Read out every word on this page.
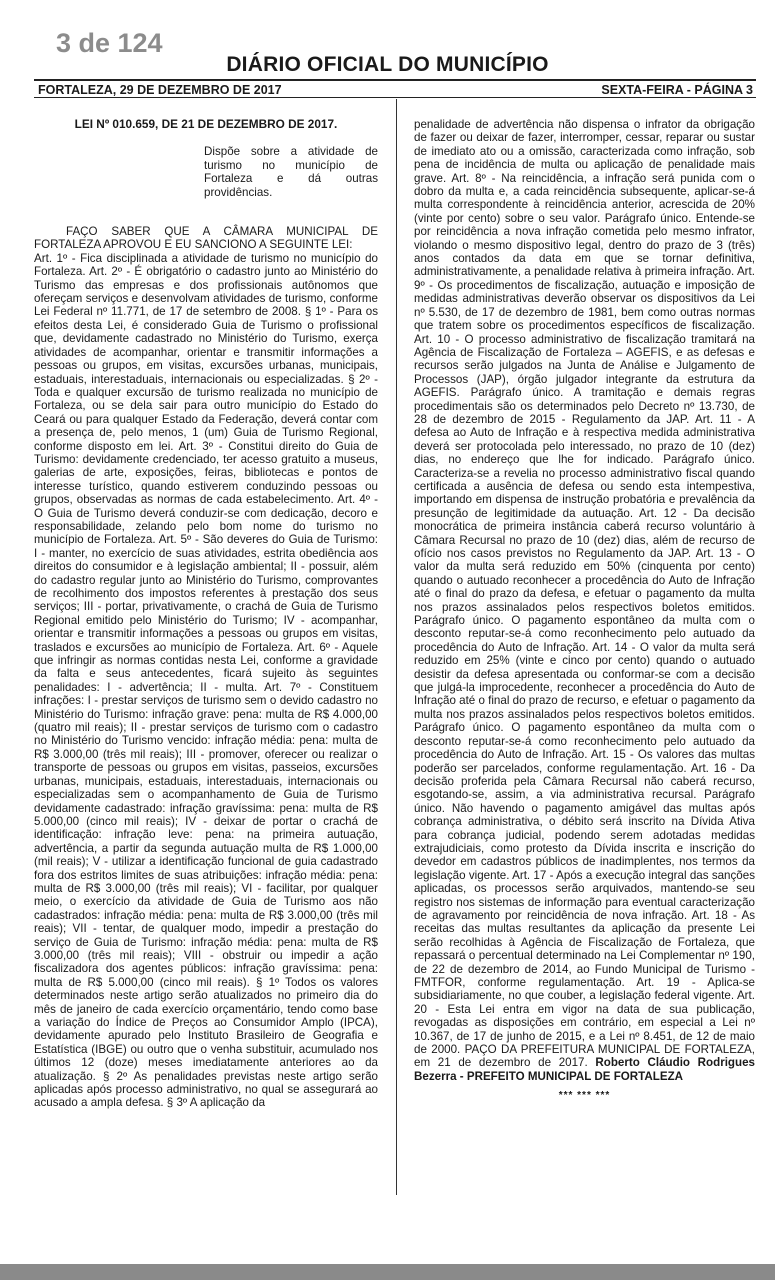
3 de 124
DIÁRIO OFICIAL DO MUNICÍPIO
FORTALEZA, 29 DE DEZEMBRO DE 2017	SEXTA-FEIRA - PÁGINA 3

LEI Nº 010.659, DE 21 DE DEZEMBRO DE 2017.

Dispõe sobre a atividade de turismo no município de Fortaleza e dá outras providências.

FAÇO SABER QUE A CÂMARA MUNICIPAL DE FORTALEZA APROVOU E EU SANCIONO A SEGUINTE LEI:

Art. 1º - Fica disciplinada a atividade de turismo no município do Fortaleza. Art. 2º - É obrigatório o cadastro junto ao Ministério do Turismo das empresas e dos profissionais autônomos que ofereçam serviços e desenvolvam atividades de turismo, conforme Lei Federal nº 11.771, de 17 de setembro de 2008. § 1º - Para os efeitos desta Lei, é considerado Guia de Turismo o profissional que, devidamente cadastrado no Ministério do Turismo, exerça atividades de acompanhar, orientar e transmitir informações a pessoas ou grupos, em visitas, excursões urbanas, municipais, estaduais, interestaduais, internacionais ou especializadas. § 2º - Toda e qualquer excursão de turismo realizada no município de Fortaleza, ou se dela sair para outro município do Estado do Ceará ou para qualquer Estado da Federação, deverá contar com a presença de, pelo menos, 1 (um) Guia de Turismo Regional, conforme disposto em lei. Art. 3º - Constitui direito do Guia de Turismo: devidamente credenciado, ter acesso gratuito a museus, galerias de arte, exposições, feiras, bibliotecas e pontos de interesse turístico, quando estiverem conduzindo pessoas ou grupos, observadas as normas de cada estabelecimento. Art. 4º - O Guia de Turismo deverá conduzir-se com dedicação, decoro e responsabilidade, zelando pelo bom nome do turismo no município de Fortaleza. Art. 5º - São deveres do Guia de Turismo: I - manter, no exercício de suas atividades, estrita obediência aos direitos do consumidor e à legislação ambiental; II - possuir, além do cadastro regular junto ao Ministério do Turismo, comprovantes de recolhimento dos impostos referentes à prestação dos seus serviços; III - portar, privativamente, o crachá de Guia de Turismo Regional emitido pelo Ministério do Turismo; IV - acompanhar, orientar e transmitir informações a pessoas ou grupos em visitas, traslados e excursões ao município de Fortaleza. Art. 6º - Aquele que infringir as normas contidas nesta Lei, conforme a gravidade da falta e seus antecedentes, ficará sujeito às seguintes penalidades: I - advertência; II - multa. Art. 7º - Constituem infrações: I - prestar serviços de turismo sem o devido cadastro no Ministério do Turismo: infração grave: pena: multa de R$ 4.000,00 (quatro mil reais); II - prestar serviços de turismo com o cadastro no Ministério do Turismo vencido: infração média: pena: multa de R$ 3.000,00 (três mil reais); III - promover, oferecer ou realizar o transporte de pessoas ou grupos em visitas, passeios, excursões urbanas, municipais, estaduais, interestaduais, internacionais ou especializadas sem o acompanhamento de Guia de Turismo devidamente cadastrado: infração gravíssima: pena: multa de R$ 5.000,00 (cinco mil reais); IV - deixar de portar o crachá de identificação: infração leve: pena: na primeira autuação, advertência, a partir da segunda autuação multa de R$ 1.000,00 (mil reais); V - utilizar a identificação funcional de guia cadastrado fora dos estritos limites de suas atribuições: infração média: pena: multa de R$ 3.000,00 (três mil reais); VI - facilitar, por qualquer meio, o exercício da atividade de Guia de Turismo aos não cadastrados: infração média: pena: multa de R$ 3.000,00 (três mil reais); VII - tentar, de qualquer modo, impedir a prestação do serviço de Guia de Turismo: infração média: pena: multa de R$ 3.000,00 (três mil reais); VIII - obstruir ou impedir a ação fiscalizadora dos agentes públicos: infração gravíssima: pena: multa de R$ 5.000,00 (cinco mil reais). § 1º Todos os valores determinados neste artigo serão atualizados no primeiro dia do mês de janeiro de cada exercício orçamentário, tendo como base a variação do Índice de Preços ao Consumidor Amplo (IPCA), devidamente apurado pelo Instituto Brasileiro de Geografia e Estatística (IBGE) ou outro que o venha substituir, acumulado nos últimos 12 (doze) meses imediatamente anteriores ao da atualização. § 2º As penalidades previstas neste artigo serão aplicadas após processo administrativo, no qual se assegurará ao acusado a ampla defesa. § 3º A aplicação da

penalidade de advertência não dispensa o infrator da obrigação de fazer ou deixar de fazer, interromper, cessar, reparar ou sustar de imediato ato ou a omissão, caracterizada como infração, sob pena de incidência de multa ou aplicação de penalidade mais grave. Art. 8º - Na reincidência, a infração será punida com o dobro da multa e, a cada reincidência subsequente, aplicar-se-á multa correspondente à reincidência anterior, acrescida de 20% (vinte por cento) sobre o seu valor. Parágrafo único. Entende-se por reincidência a nova infração cometida pelo mesmo infrator, violando o mesmo dispositivo legal, dentro do prazo de 3 (três) anos contados da data em que se tornar definitiva, administrativamente, a penalidade relativa à primeira infração. Art. 9º - Os procedimentos de fiscalização, autuação e imposição de medidas administrativas deverão observar os dispositivos da Lei nº 5.530, de 17 de dezembro de 1981, bem como outras normas que tratem sobre os procedimentos específicos de fiscalização. Art. 10 - O processo administrativo de fiscalização tramitará na Agência de Fiscalização de Fortaleza – AGEFIS, e as defesas e recursos serão julgados na Junta de Análise e Julgamento de Processos (JAP), órgão julgador integrante da estrutura da AGEFIS. Parágrafo único. A tramitação e demais regras procedimentais são os determinados pelo Decreto nº 13.730, de 28 de dezembro de 2015 - Regulamento da JAP. Art. 11 - A defesa ao Auto de Infração e à respectiva medida administrativa deverá ser protocolada pelo interessado, no prazo de 10 (dez) dias, no endereço que lhe for indicado. Parágrafo único. Caracteriza-se a revelia no processo administrativo fiscal quando certificada a ausência de defesa ou sendo esta intempestiva, importando em dispensa de instrução probatória e prevalência da presunção de legitimidade da autuação. Art. 12 - Da decisão monocrática de primeira instância caberá recurso voluntário à Câmara Recursal no prazo de 10 (dez) dias, além de recurso de ofício nos casos previstos no Regulamento da JAP. Art. 13 - O valor da multa será reduzido em 50% (cinquenta por cento) quando o autuado reconhecer a procedência do Auto de Infração até o final do prazo da defesa, e efetuar o pagamento da multa nos prazos assinalados pelos respectivos boletos emitidos. Parágrafo único. O pagamento espontâneo da multa com o desconto reputar-se-á como reconhecimento pelo autuado da procedência do Auto de Infração. Art. 14 - O valor da multa será reduzido em 25% (vinte e cinco por cento) quando o autuado desistir da defesa apresentada ou conformar-se com a decisão que julgá-la improcedente, reconhecer a procedência do Auto de Infração até o final do prazo de recurso, e efetuar o pagamento da multa nos prazos assinalados pelos respectivos boletos emitidos. Parágrafo único. O pagamento espontâneo da multa com o desconto reputar-se-á como reconhecimento pelo autuado da procedência do Auto de Infração. Art. 15 - Os valores das multas poderão ser parcelados, conforme regulamentação. Art. 16 - Da decisão proferida pela Câmara Recursal não caberá recurso, esgotando-se, assim, a via administrativa recursal. Parágrafo único. Não havendo o pagamento amigável das multas após cobrança administrativa, o débito será inscrito na Dívida Ativa para cobrança judicial, podendo serem adotadas medidas extrajudiciais, como protesto da Dívida inscrita e inscrição do devedor em cadastros públicos de inadimplentes, nos termos da legislação vigente. Art. 17 - Após a execução integral das sanções aplicadas, os processos serão arquivados, mantendo-se seu registro nos sistemas de informação para eventual caracterização de agravamento por reincidência de nova infração. Art. 18 - As receitas das multas resultantes da aplicação da presente Lei serão recolhidas à Agência de Fiscalização de Fortaleza, que repassará o percentual determinado na Lei Complementar nº 190, de 22 de dezembro de 2014, ao Fundo Municipal de Turismo - FMTFOR, conforme regulamentação. Art. 19 - Aplica-se subsidiariamente, no que couber, a legislação federal vigente. Art. 20 - Esta Lei entra em vigor na data de sua publicação, revogadas as disposições em contrário, em especial a Lei nº 10.367, de 17 de junho de 2015, e a Lei nº 8.451, de 12 de maio de 2000. PAÇO DA PREFEITURA MUNICIPAL DE FORTALEZA, em 21 de dezembro de 2017. Roberto Cláudio Rodrigues Bezerra - PREFEITO MUNICIPAL DE FORTALEZA

*** *** ***
